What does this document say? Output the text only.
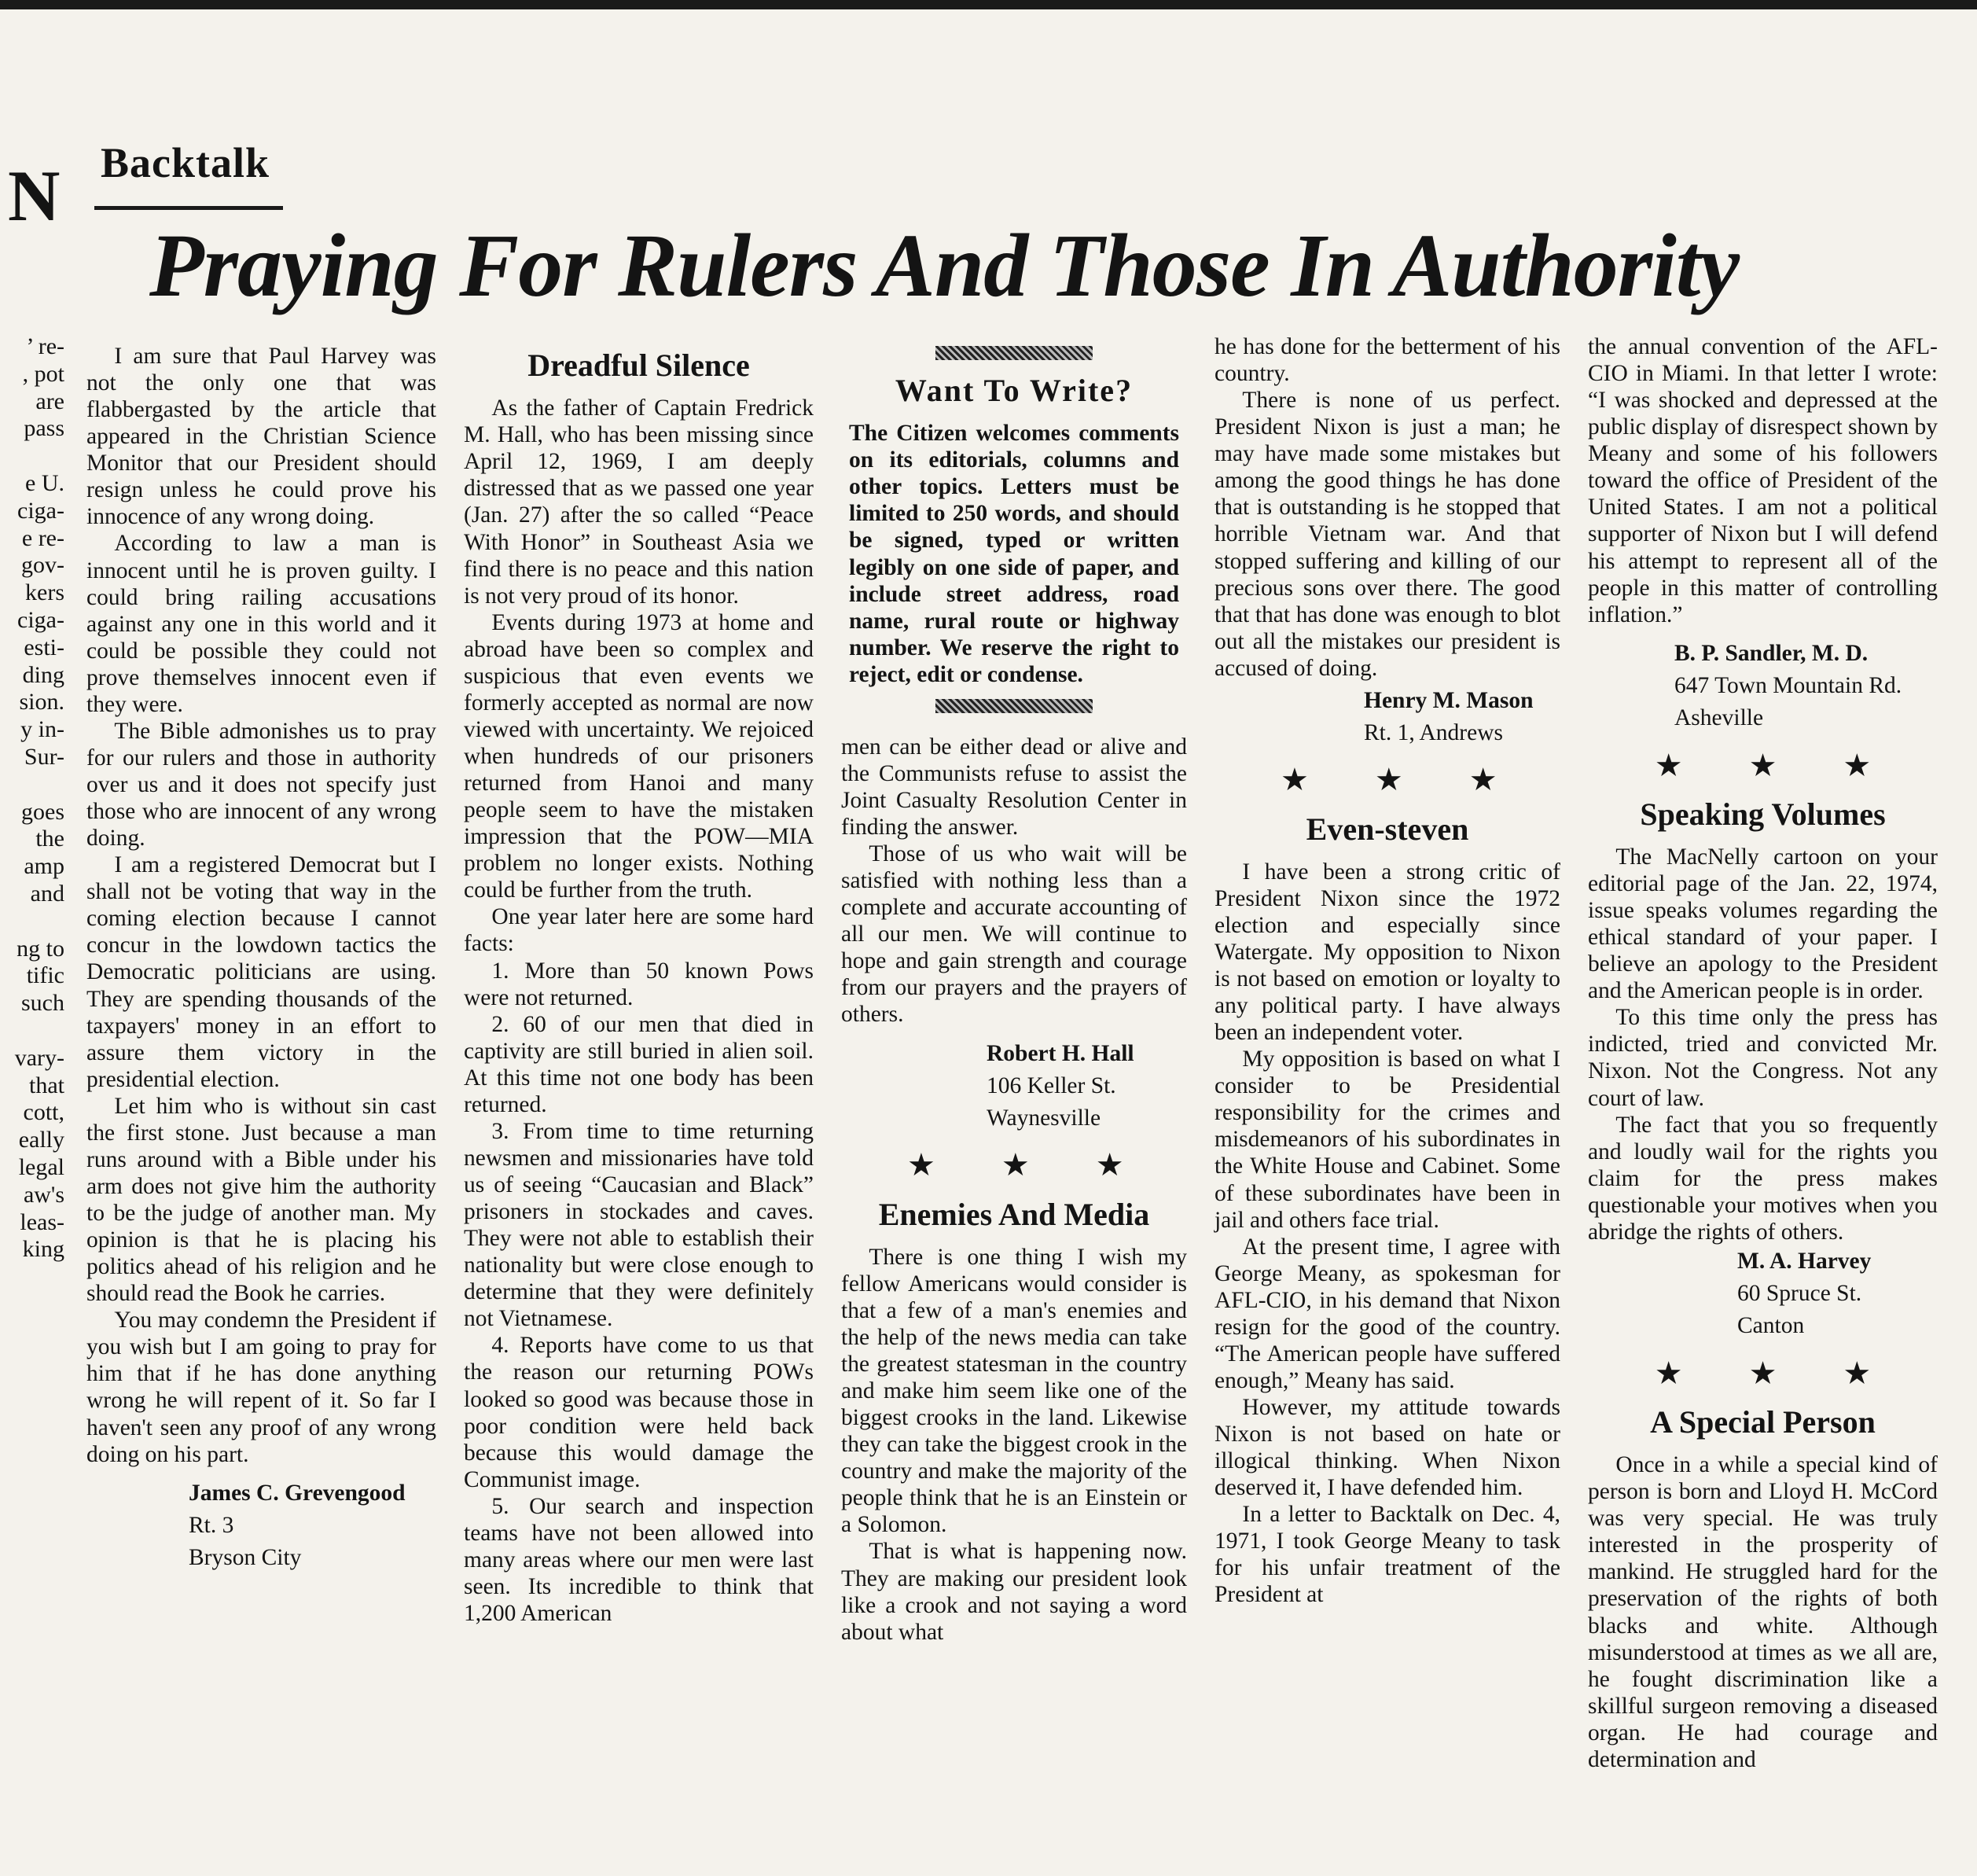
N Backtalk
Praying For Rulers And Those In Authority
’ re-
, pot
are
pass

e U.
ciga-
e re-
gov-
kers
ciga-
esti-
ding
sion.
y in-
Sur-

goes
the
amp
and

ng to
tific
such

vary-
that
cott,
eally
legal
aw's
leas-
king

I am sure that Paul Harvey was not the only one that was flabbergasted by the article that appeared in the Christian Science Monitor that our President should resign unless he could prove his innocence of any wrong doing.

According to law a man is innocent until he is proven guilty. I could bring railing accusations against any one in this world and it could be possible they could not prove themselves innocent even if they were.

The Bible admonishes us to pray for our rulers and those in authority over us and it does not specify just those who are innocent of any wrong doing.

I am a registered Democrat but I shall not be voting that way in the coming election because I cannot concur in the lowdown tactics the Democratic politicians are using. They are spending thousands of the taxpayers' money in an effort to assure them victory in the presidential election.

Let him who is without sin cast the first stone. Just because a man runs around with a Bible under his arm does not give him the authority to be the judge of another man. My opinion is that he is placing his politics ahead of his religion and he should read the Book he carries.

You may condemn the President if you wish but I am going to pray for him that if he has done anything wrong he will repent of it. So far I haven't seen any proof of any wrong doing on his part.

James C. Grevengood
Rt. 3
Bryson City
Dreadful Silence

As the father of Captain Fredrick M. Hall, who has been missing since April 12, 1969, I am deeply distressed that as we passed one year (Jan. 27) after the so called “Peace With Honor” in Southeast Asia we find there is no peace and this nation is not very proud of its honor.

Events during 1973 at home and abroad have been so complex and suspicious that even events we formerly accepted as normal are now viewed with uncertainty. We rejoiced when hundreds of our prisoners returned from Hanoi and many people seem to have the mistaken impression that the POW—MIA problem no longer exists. Nothing could be further from the truth.

One year later here are some hard facts:

1. More than 50 known Pows were not returned.

2. 60 of our men that died in captivity are still buried in alien soil. At this time not one body has been returned.

3. From time to time returning newsmen and missionaries have told us of seeing “Caucasian and Black” prisoners in stockades and caves. They were not able to establish their nationality but were close enough to determine that they were definitely not Vietnamese.

4. Reports have come to us that the reason our returning POWs looked so good was because those in poor condition were held back because this would damage the Communist image.

5. Our search and inspection teams have not been allowed into many areas where our men were last seen. Its incredible to think that 1,200 American

Want To Write?

The Citizen welcomes comments on its editorials, columns and other topics. Letters must be limited to 250 words, and should be signed, typed or written legibly on one side of paper, and include street address, road name, rural route or highway number. We reserve the right to reject, edit or condense.

men can be either dead or alive and the Communists refuse to assist the Joint Casualty Resolution Center in finding the answer.

Those of us who wait will be satisfied with nothing less than a complete and accurate accounting of all our men. We will continue to hope and gain strength and courage from our prayers and the prayers of others.

Robert H. Hall
106 Keller St.
Waynesville
★★★
Enemies And Media

There is one thing I wish my fellow Americans would consider is that a few of a man's enemies and the help of the news media can take the greatest statesman in the country and make him seem like one of the biggest crooks in the land. Likewise they can take the biggest crook in the country and make the majority of the people think that he is an Einstein or a Solomon.

That is what is happening now. They are making our president look like a crook and not saying a word about what

he has done for the betterment of his country.

There is none of us perfect. President Nixon is just a man; he may have made some mistakes but among the good things he has done that is outstanding is he stopped that horrible Vietnam war. And that stopped suffering and killing of our precious sons over there. The good that that has done was enough to blot out all the mistakes our president is accused of doing.

Henry M. Mason
Rt. 1, Andrews
★★★
Even-steven

I have been a strong critic of President Nixon since the 1972 election and especially since Watergate. My opposition to Nixon is not based on emotion or loyalty to any political party. I have always been an independent voter.

My opposition is based on what I consider to be Presidential responsibility for the crimes and misdemeanors of his subordinates in the White House and Cabinet. Some of these subordinates have been in jail and others face trial.

At the present time, I agree with George Meany, as spokesman for AFL-CIO, in his demand that Nixon resign for the good of the country. “The American people have suffered enough,” Meany has said.

However, my attitude towards Nixon is not based on hate or illogical thinking. When Nixon deserved it, I have defended him.

In a letter to Backtalk on Dec. 4, 1971, I took George Meany to task for his unfair treatment of the President at

the annual convention of the AFL-CIO in Miami. In that letter I wrote: “I was shocked and depressed at the public display of disrespect shown by Meany and some of his followers toward the office of President of the United States. I am not a political supporter of Nixon but I will defend his attempt to represent all of the people in this matter of controlling inflation.”

B. P. Sandler, M. D.
647 Town Mountain Rd.
Asheville
★★★
Speaking Volumes

The MacNelly cartoon on your editorial page of the Jan. 22, 1974, issue speaks volumes regarding the ethical standard of your paper. I believe an apology to the President and the American people is in order.

To this time only the press has indicted, tried and convicted Mr. Nixon. Not the Congress. Not any court of law.

The fact that you so frequently and loudly wail for the rights you claim for the press makes questionable your motives when you abridge the rights of others.

M. A. Harvey
60 Spruce St.
Canton
★★★
A Special Person

Once in a while a special kind of person is born and Lloyd H. McCord was very special. He was truly interested in the prosperity of mankind. He struggled hard for the preservation of the rights of both blacks and white. Although misunderstood at times as we all are, he fought discrimination like a skillful surgeon removing a diseased organ. He had courage and determination and
